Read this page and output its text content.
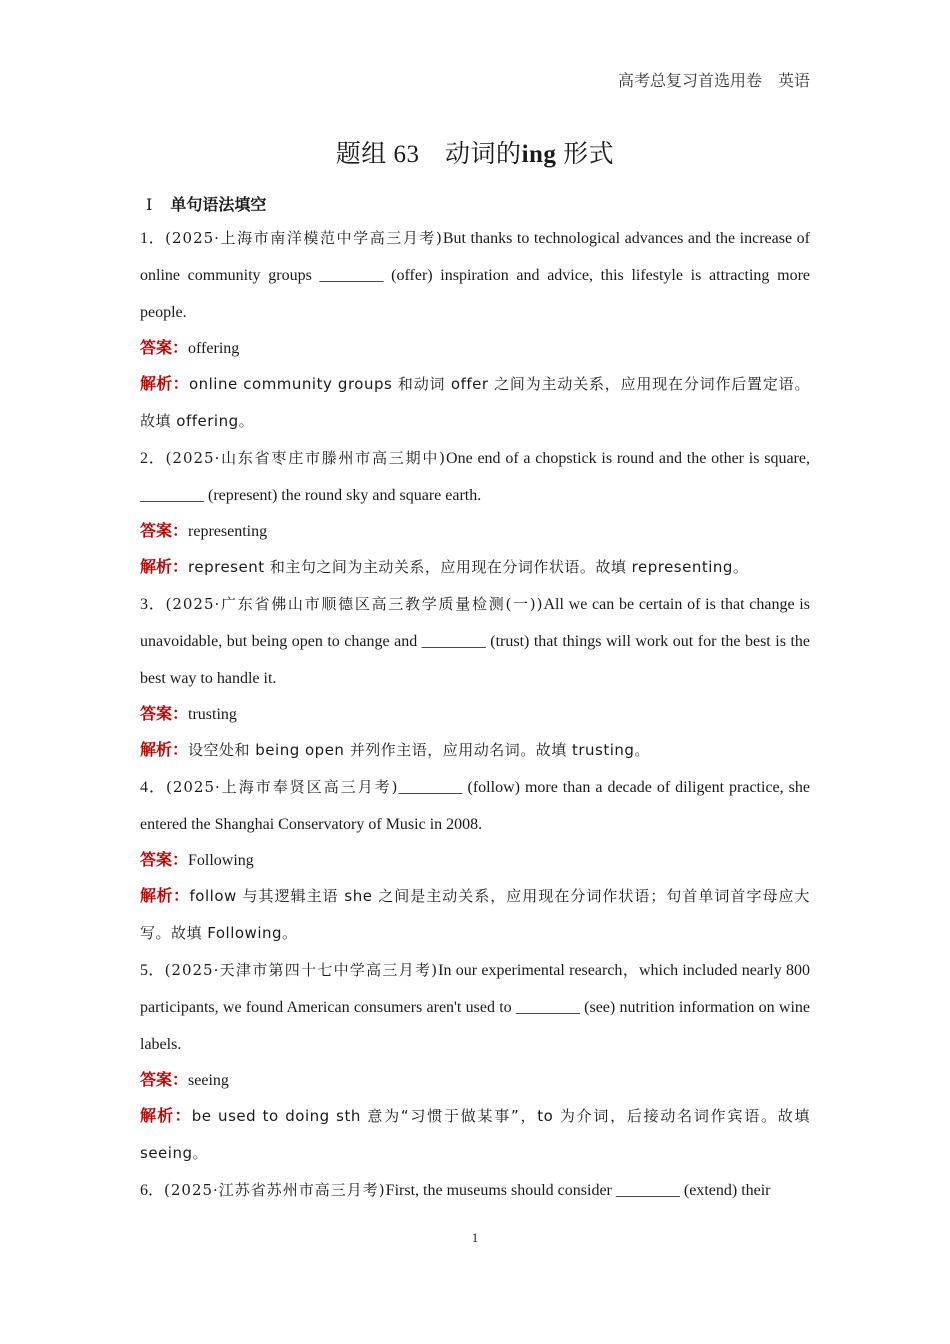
高考总复习首选用卷　英语
题组 63　动词的ing 形式
Ⅰ 单句语法填空

1．(2025·上海市南洋模范中学高三月考)But thanks to technological advances and the increase of online community groups ________ (offer) inspiration and advice, this lifestyle is attracting more people.

答案：offering

解析：online community groups 和动词 offer 之间为主动关系，应用现在分词作后置定语。故填 offering。

2．(2025·山东省枣庄市滕州市高三期中)One end of a chopstick is round and the other is square, ________ (represent) the round sky and square earth.

答案：representing

解析：represent 和主句之间为主动关系，应用现在分词作状语。故填 representing。

3．(2025·广东省佛山市顺德区高三教学质量检测(一))All we can be certain of is that change is unavoidable, but being open to change and ________ (trust) that things will work out for the best is the best way to handle it.

答案：trusting

解析：设空处和 being open 并列作主语，应用动名词。故填 trusting。

4．(2025·上海市奉贤区高三月考)________ (follow) more than a decade of diligent practice, she entered the Shanghai Conservatory of Music in 2008.

答案：Following

解析：follow 与其逻辑主语 she 之间是主动关系，应用现在分词作状语；句首单词首字母应大写。故填 Following。

5．(2025·天津市第四十七中学高三月考)In our experimental research，which included nearly 800 participants, we found American consumers aren't used to ________ (see) nutrition information on wine labels.

答案：seeing

解析：be used to doing sth 意为“习惯于做某事”，to 为介词，后接动名词作宾语。故填 seeing。

6．(2025·江苏省苏州市高三月考)First, the museums should consider ________ (extend) their

1
